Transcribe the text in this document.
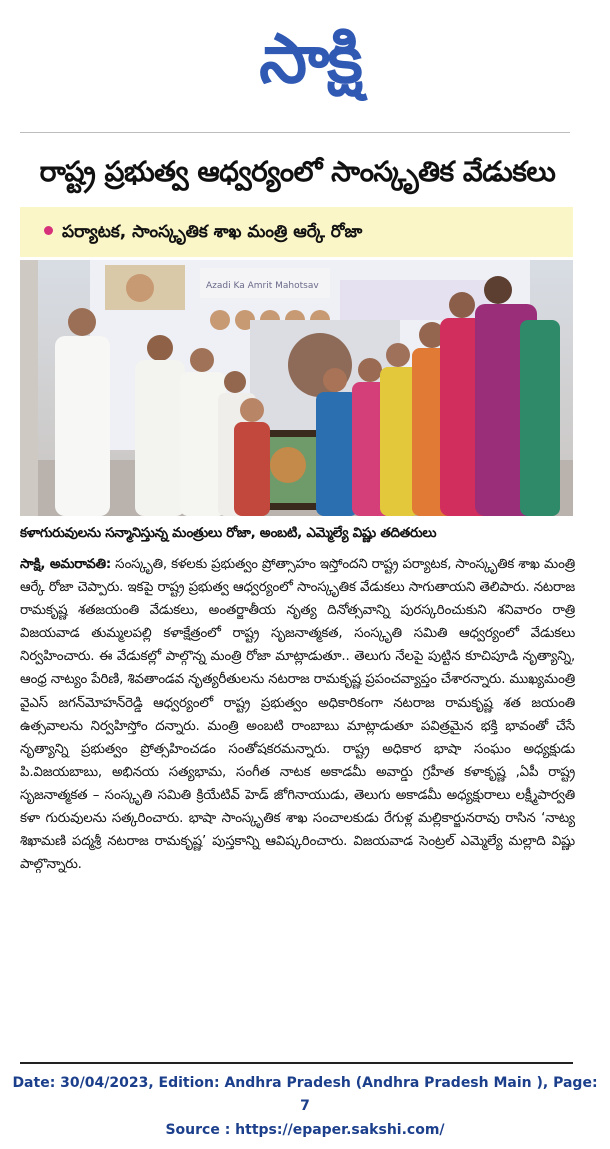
సాక్షి
రాష్ట్ర ప్రభుత్వ ఆధ్వర్యంలో సాంస్కృతిక వేడుకలు
పర్యాటక, సాంస్కృతిక శాఖ మంత్రి ఆర్కే రోజా
Azadi Ka Amrit Mahotsav
కళాగురువులను సన్మానిస్తున్న మంత్రులు రోజా, అంబటి, ఎమ్మెల్యే విష్ణు తదితరులు
సాక్షి, అమరావతి: సంస్కృతి, కళలకు ప్రభుత్వం ప్రోత్సాహం ఇస్తోందని రాష్ట్ర పర్యాటక, సాంస్కృతిక శాఖ మంత్రి ఆర్కే రోజా చెప్పారు. ఇకపై రాష్ట్ర ప్రభుత్వ ఆధ్వర్యంలో సాంస్కృతిక వేడుకలు సాగుతాయని తెలిపారు. నటరాజ రామకృష్ణ శతజయంతి వేడుకలు, అంతర్జాతీయ నృత్య దినోత్సవాన్ని పురస్కరించుకుని శనివారం రాత్రి విజయవాడ తుమ్మలపల్లి కళాక్షేత్రంలో రాష్ట్ర సృజనాత్మకత, సంస్కృతి సమితి ఆధ్వర్యంలో వేడుకలు నిర్వహించారు. ఈ వేడుకల్లో పాల్గొన్న మంత్రి రోజా మాట్లాడుతూ.. తెలుగు నేలపై పుట్టిన కూచిపూడి నృత్యాన్ని, ఆంధ్ర నాట్యం పేరిణి, శివతాండవ నృత్యరీతులను నటరాజ రామకృష్ణ ప్రపంచవ్యాప్తం చేశారన్నారు. ముఖ్యమంత్రి వైఎస్ జగన్‌మోహన్‌రెడ్డి ఆధ్వర్యంలో రాష్ట్ర ప్రభుత్వం అధికారికంగా నటరాజ రామకృష్ణ శత జయంతి ఉత్సవాలను నిర్వహిస్తోం దన్నారు. మంత్రి అంబటి రాంబాబు మాట్లాడుతూ పవిత్రమైన భక్తి భావంతో చేసే నృత్యాన్ని ప్రభుత్వం ప్రోత్సహించడం సంతోషకరమన్నారు. రాష్ట్ర అధికార భాషా సంఘం అధ్యక్షుడు పి.విజయబాబు, అభినయ సత్యభామ, సంగీత నాటక అకాడమీ అవార్డు గ్రహీత కళాకృష్ణ ,ఏపీ రాష్ట్ర సృజనాత్మకత – సంస్కృతి సమితి క్రియేటివ్ హెడ్ జోగినాయుడు, తెలుగు అకాడమీ అధ్యక్షురాలు లక్ష్మీపార్వతి కళా గురువులను సత్కరించారు. భాషా సాంస్కృతిక శాఖ సంచాలకుడు రేగుళ్ల మల్లికార్జునరావు రాసిన ‘నాట్య శిఖామణి పద్మశ్రీ నటరాజ రామకృష్ణ’ పుస్తకాన్ని ఆవిష్కరించారు. విజయవాడ సెంట్రల్ ఎమ్మెల్యే మల్లాది విష్ణు పాల్గొన్నారు.
Date: 30/04/2023, Edition: Andhra Pradesh (Andhra Pradesh Main ), Page:
7
Source : https://epaper.sakshi.com/
